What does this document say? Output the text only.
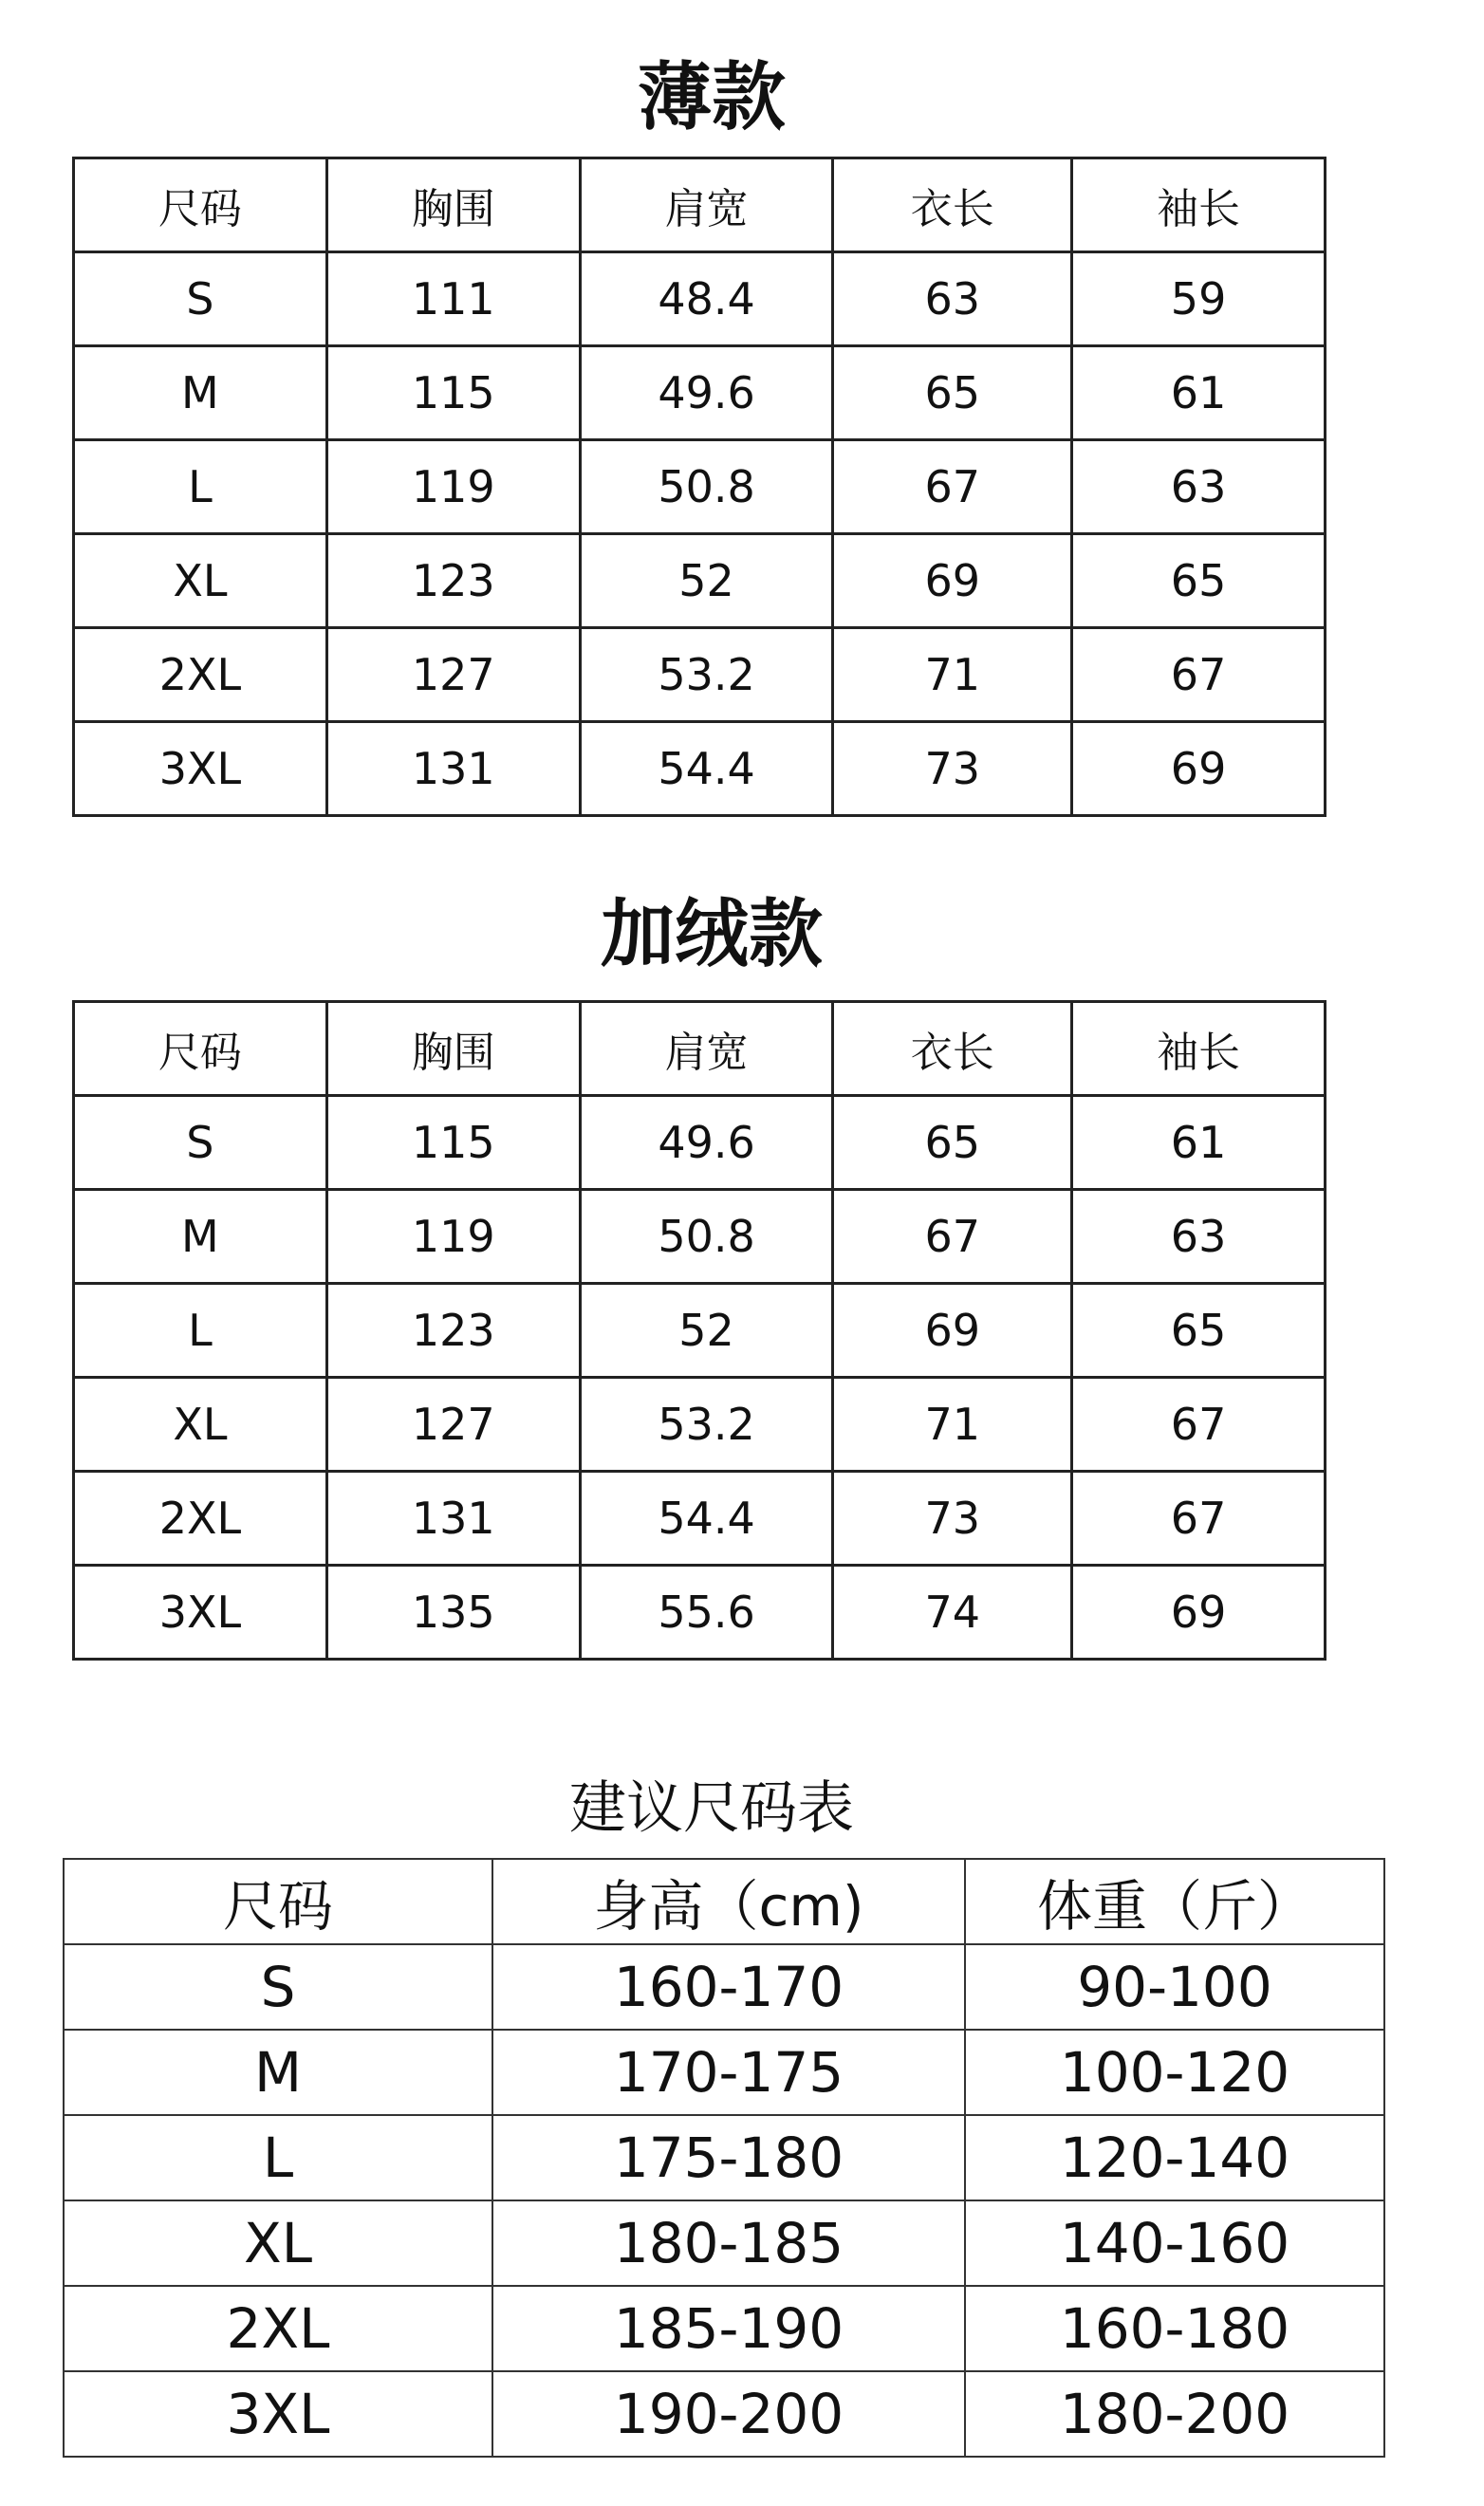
薄款
尺码	胸围	肩宽	衣长	袖长
S	111	48.4	63	59
M	115	49.6	65	61
L	119	50.8	67	63
XL	123	52	69	65
2XL	127	53.2	71	67
3XL	131	54.4	73	69
加绒款
尺码	胸围	肩宽	衣长	袖长
S	115	49.6	65	61
M	119	50.8	67	63
L	123	52	69	65
XL	127	53.2	71	67
2XL	131	54.4	73	67
3XL	135	55.6	74	69
建议尺码表
尺码	身高（cm)	体重（斤）
S	160-170	90-100
M	170-175	100-120
L	175-180	120-140
XL	180-185	140-160
2XL	185-190	160-180
3XL	190-200	180-200
